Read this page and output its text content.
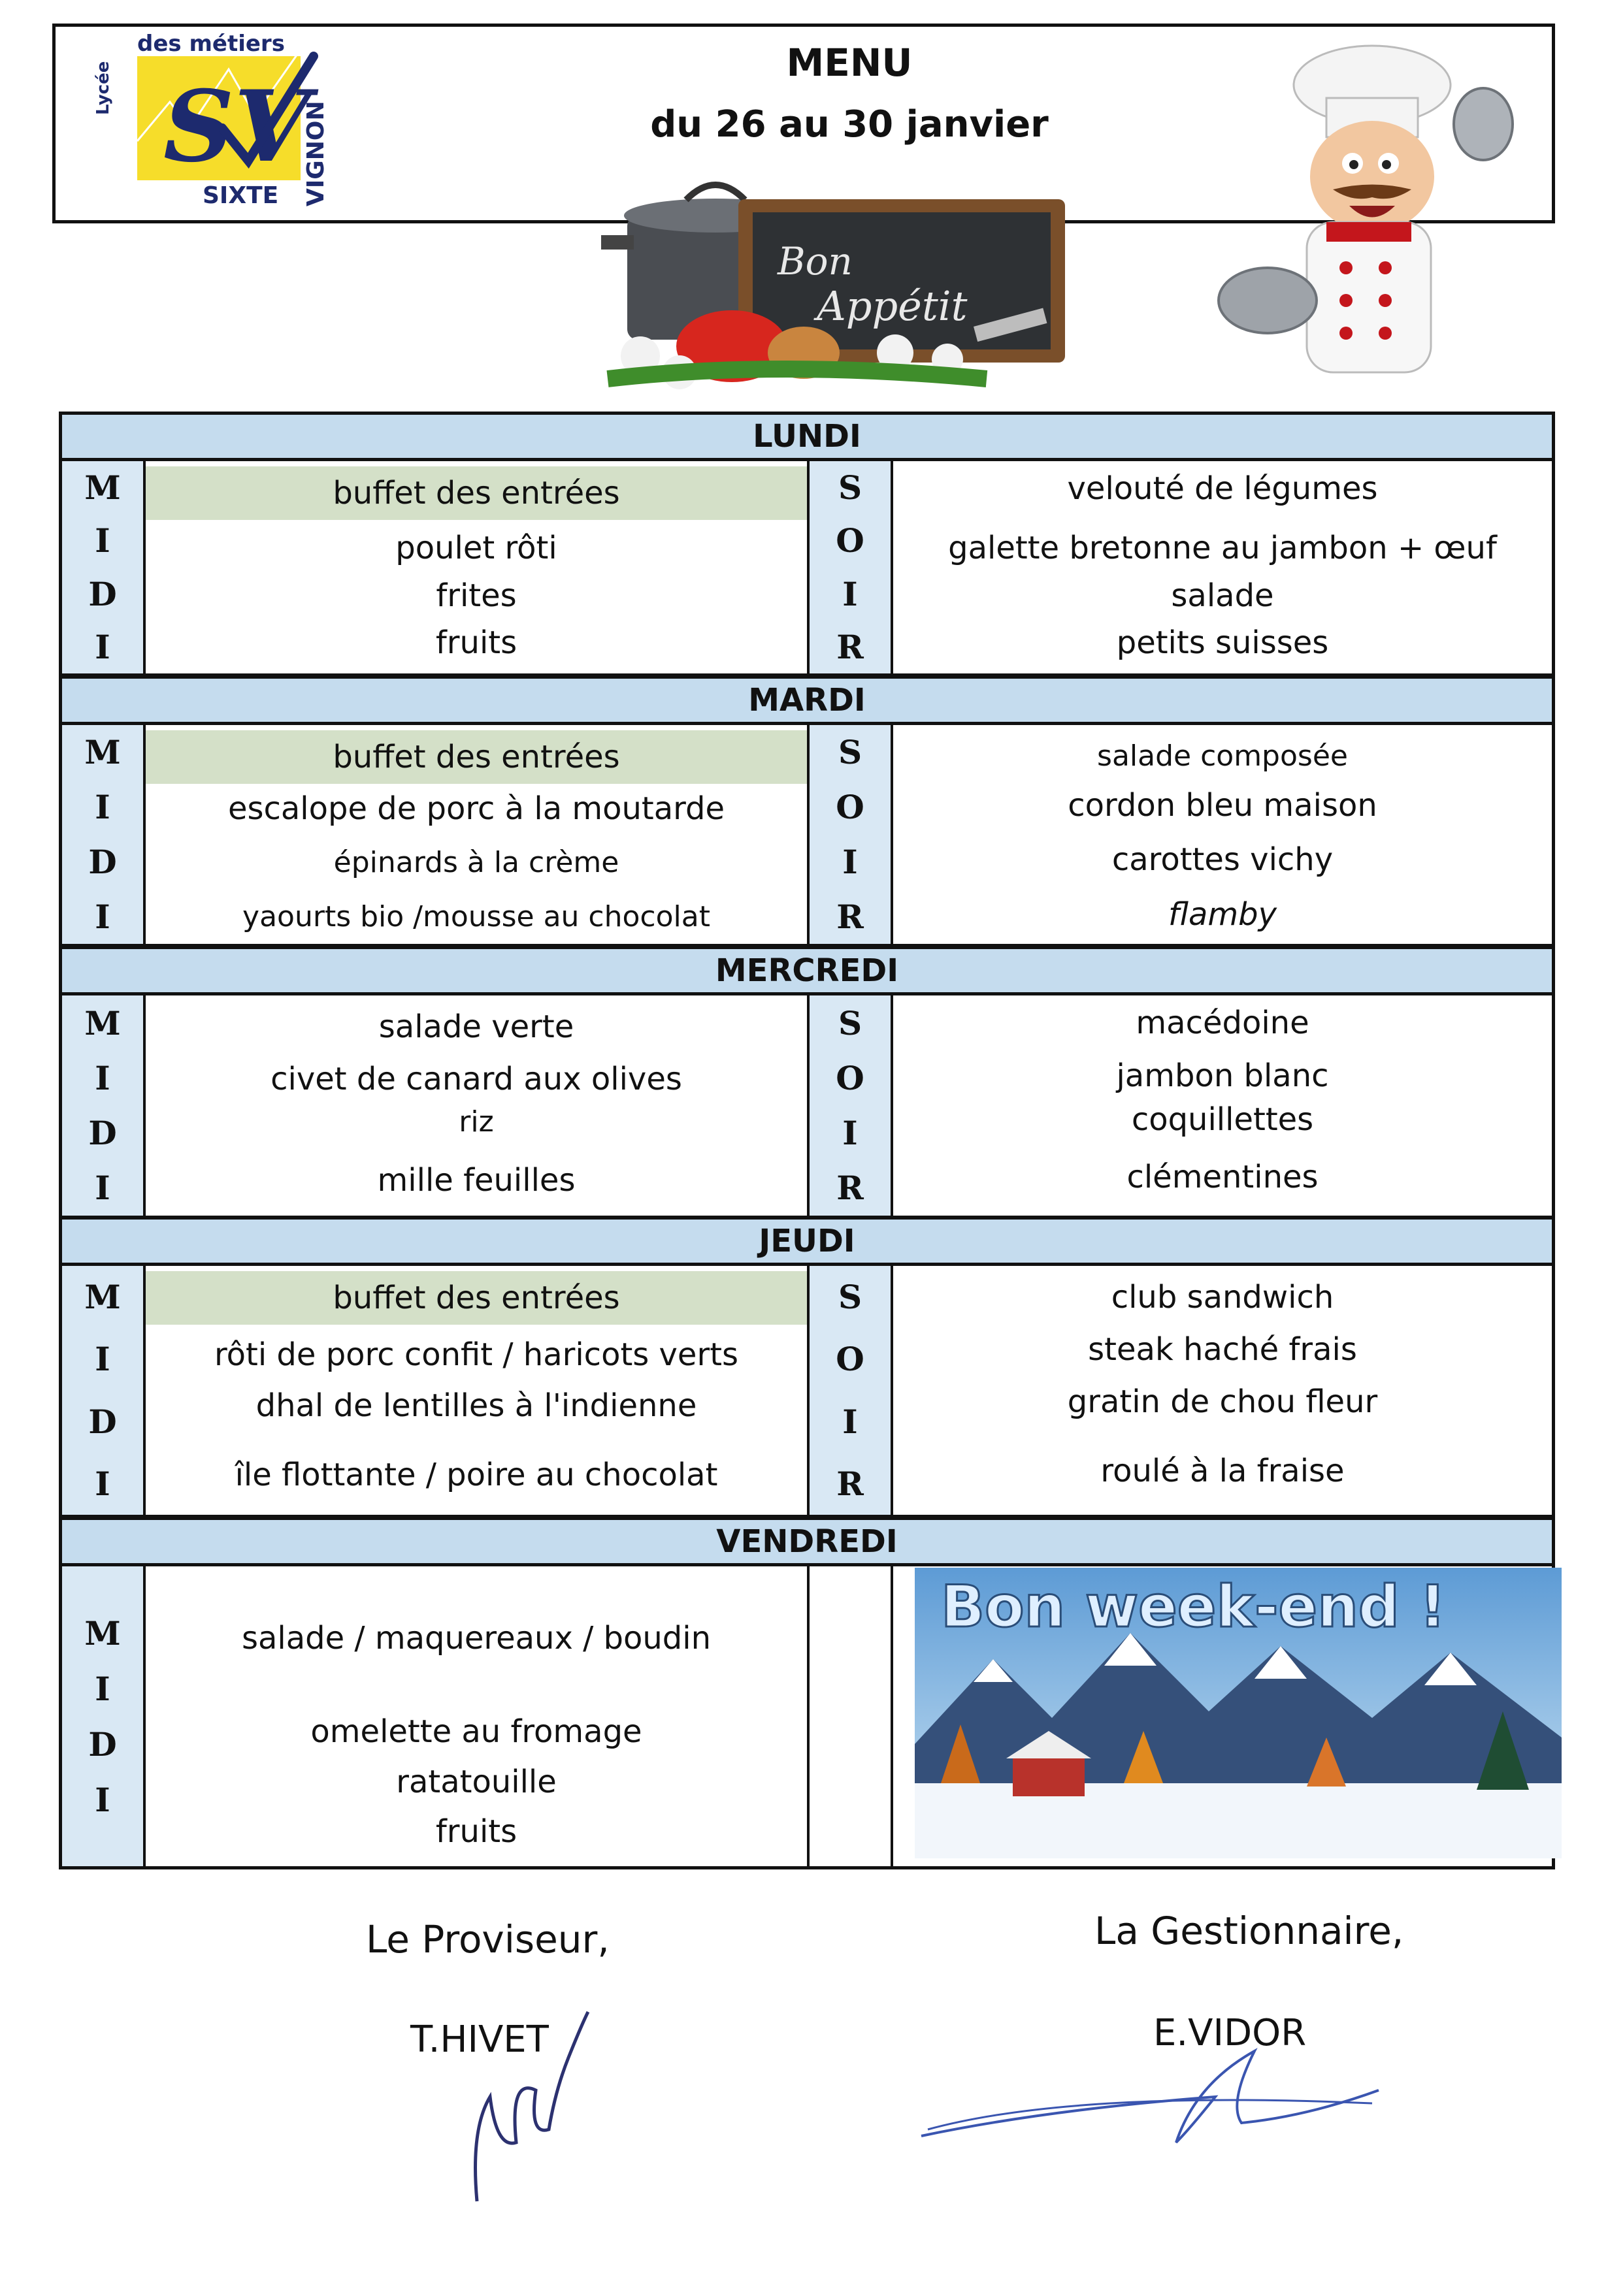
Lycée
des métiers
SV
SIXTE VIGNON
MENU
du 26 au 30 janvier
Bon
Appétit
LUNDI
M
I
D
I
buffet des entrées
poulet rôti
frites
fruits
S
O
I
R
velouté de légumes
galette bretonne au jambon + œuf
salade
petits suisses
MARDI
M
I
D
I
buffet des entrées
escalope de porc à la moutarde
épinards à la crème
yaourts bio /mousse au chocolat
S
O
I
R
salade composée
cordon bleu maison
carottes vichy
flamby
MERCREDI
M
I
D
I
salade verte
civet de canard aux olives
riz
mille feuilles
S
O
I
R
macédoine
jambon blanc
coquillettes
clémentines
JEUDI
M
I
D
I
buffet des entrées
rôti de porc confit / haricots verts
dhal de lentilles à l'indienne
île flottante / poire au chocolat
S
O
I
R
club sandwich
steak haché frais
gratin de chou fleur
roulé à la fraise
VENDREDI
M
I
D
I
salade / maquereaux / boudin
omelette au fromage
ratatouille
fruits
Bon week-end !
Le Proviseur,
T.HIVET
La Gestionnaire,
E.VIDOR
